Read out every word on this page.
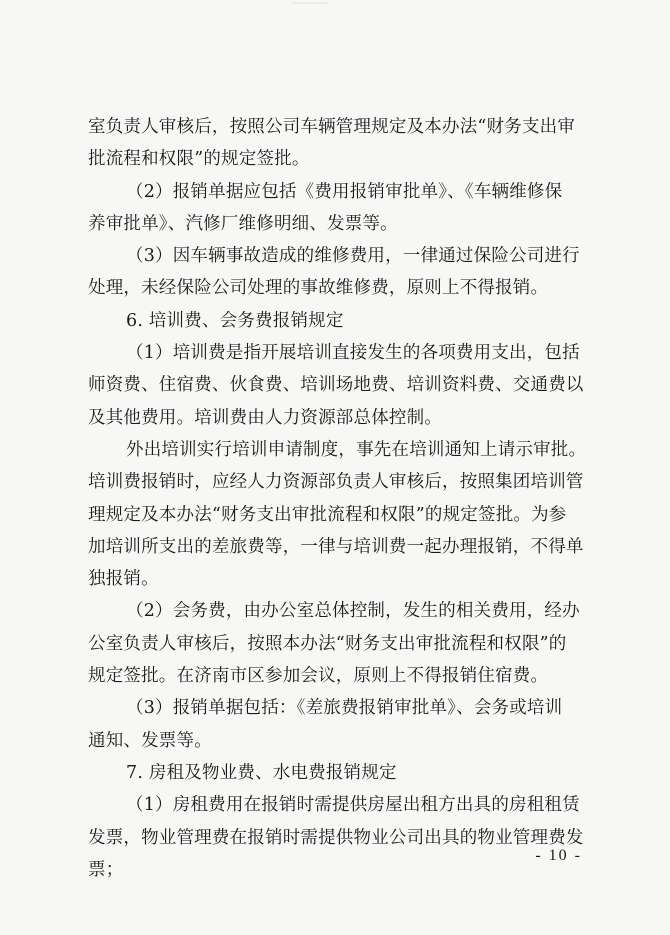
ꟷꟷꟷꟷꟷ
室负责人审核后，按照公司车辆管理规定及本办法“财务支出审
批流程和权限”的规定签批。
（2）报销单据应包括《费用报销审批单》、《车辆维修保
养审批单》、汽修厂维修明细、发票等。
（3）因车辆事故造成的维修费用，一律通过保险公司进行
处理，未经保险公司处理的事故维修费，原则上不得报销。
6. 培训费、会务费报销规定
（1）培训费是指开展培训直接发生的各项费用支出，包括
师资费、住宿费、伙食费、培训场地费、培训资料费、交通费以
及其他费用。培训费由人力资源部总体控制。
外出培训实行培训申请制度，事先在培训通知上请示审批。
培训费报销时，应经人力资源部负责人审核后，按照集团培训管
理规定及本办法“财务支出审批流程和权限”的规定签批。为参
加培训所支出的差旅费等，一律与培训费一起办理报销，不得单
独报销。
（2）会务费，由办公室总体控制，发生的相关费用，经办
公室负责人审核后，按照本办法“财务支出审批流程和权限”的
规定签批。在济南市区参加会议，原则上不得报销住宿费。
（3）报销单据包括：《差旅费报销审批单》、会务或培训
通知、发票等。
7. 房租及物业费、水电费报销规定
（1）房租费用在报销时需提供房屋出租方出具的房租租赁
发票，物业管理费在报销时需提供物业公司出具的物业管理费发
票；
- 10 -
